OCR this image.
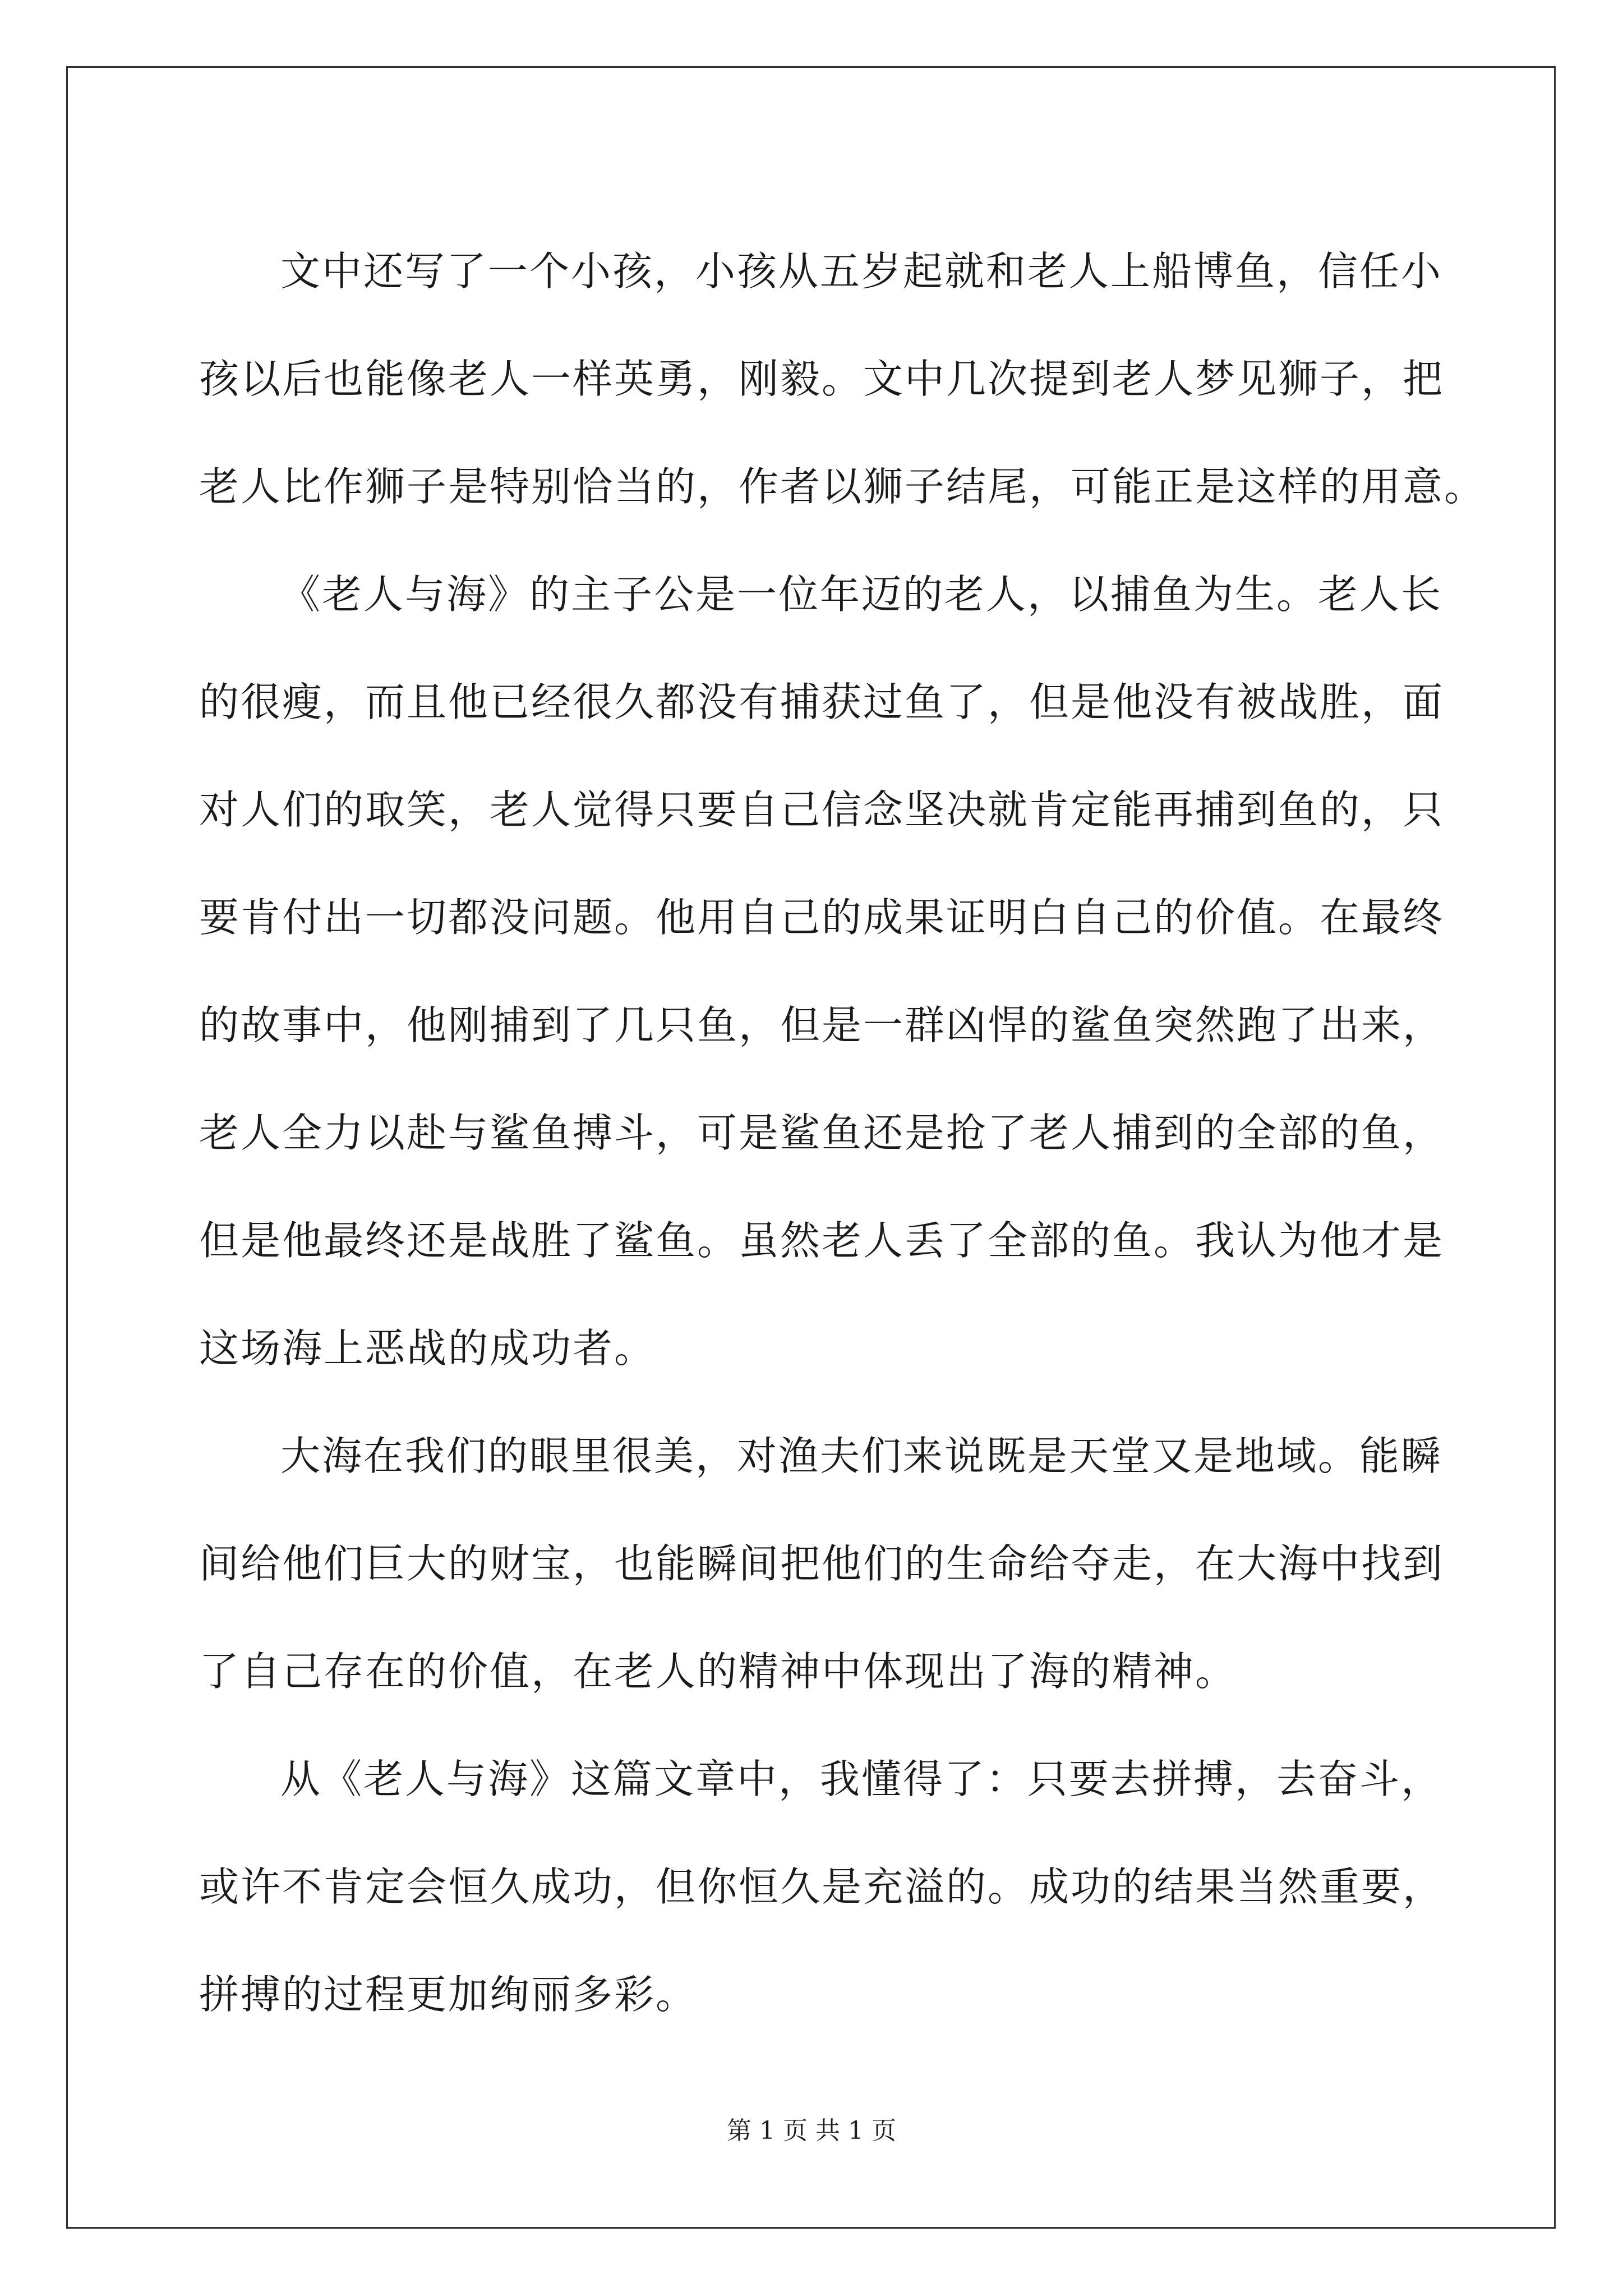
文中还写了一个小孩，小孩从五岁起就和老人上船博鱼，信任小
孩以后也能像老人一样英勇，刚毅。文中几次提到老人梦见狮子，把
老人比作狮子是特别恰当的，作者以狮子结尾，可能正是这样的用意。
《老人与海》的主子公是一位年迈的老人，以捕鱼为生。老人长
的很瘦，而且他已经很久都没有捕获过鱼了，但是他没有被战胜，面
对人们的取笑，老人觉得只要自己信念坚决就肯定能再捕到鱼的，只
要肯付出一切都没问题。他用自己的成果证明白自己的价值。在最终
的故事中，他刚捕到了几只鱼，但是一群凶悍的鲨鱼突然跑了出来，
老人全力以赴与鲨鱼搏斗，可是鲨鱼还是抢了老人捕到的全部的鱼，
但是他最终还是战胜了鲨鱼。虽然老人丢了全部的鱼。我认为他才是
这场海上恶战的成功者。
大海在我们的眼里很美，对渔夫们来说既是天堂又是地域。能瞬
间给他们巨大的财宝，也能瞬间把他们的生命给夺走，在大海中找到
了自己存在的价值，在老人的精神中体现出了海的精神。
从《老人与海》这篇文章中，我懂得了：只要去拼搏，去奋斗，
或许不肯定会恒久成功，但你恒久是充溢的。成功的结果当然重要，
拼搏的过程更加绚丽多彩。
第 1 页 共 1 页
